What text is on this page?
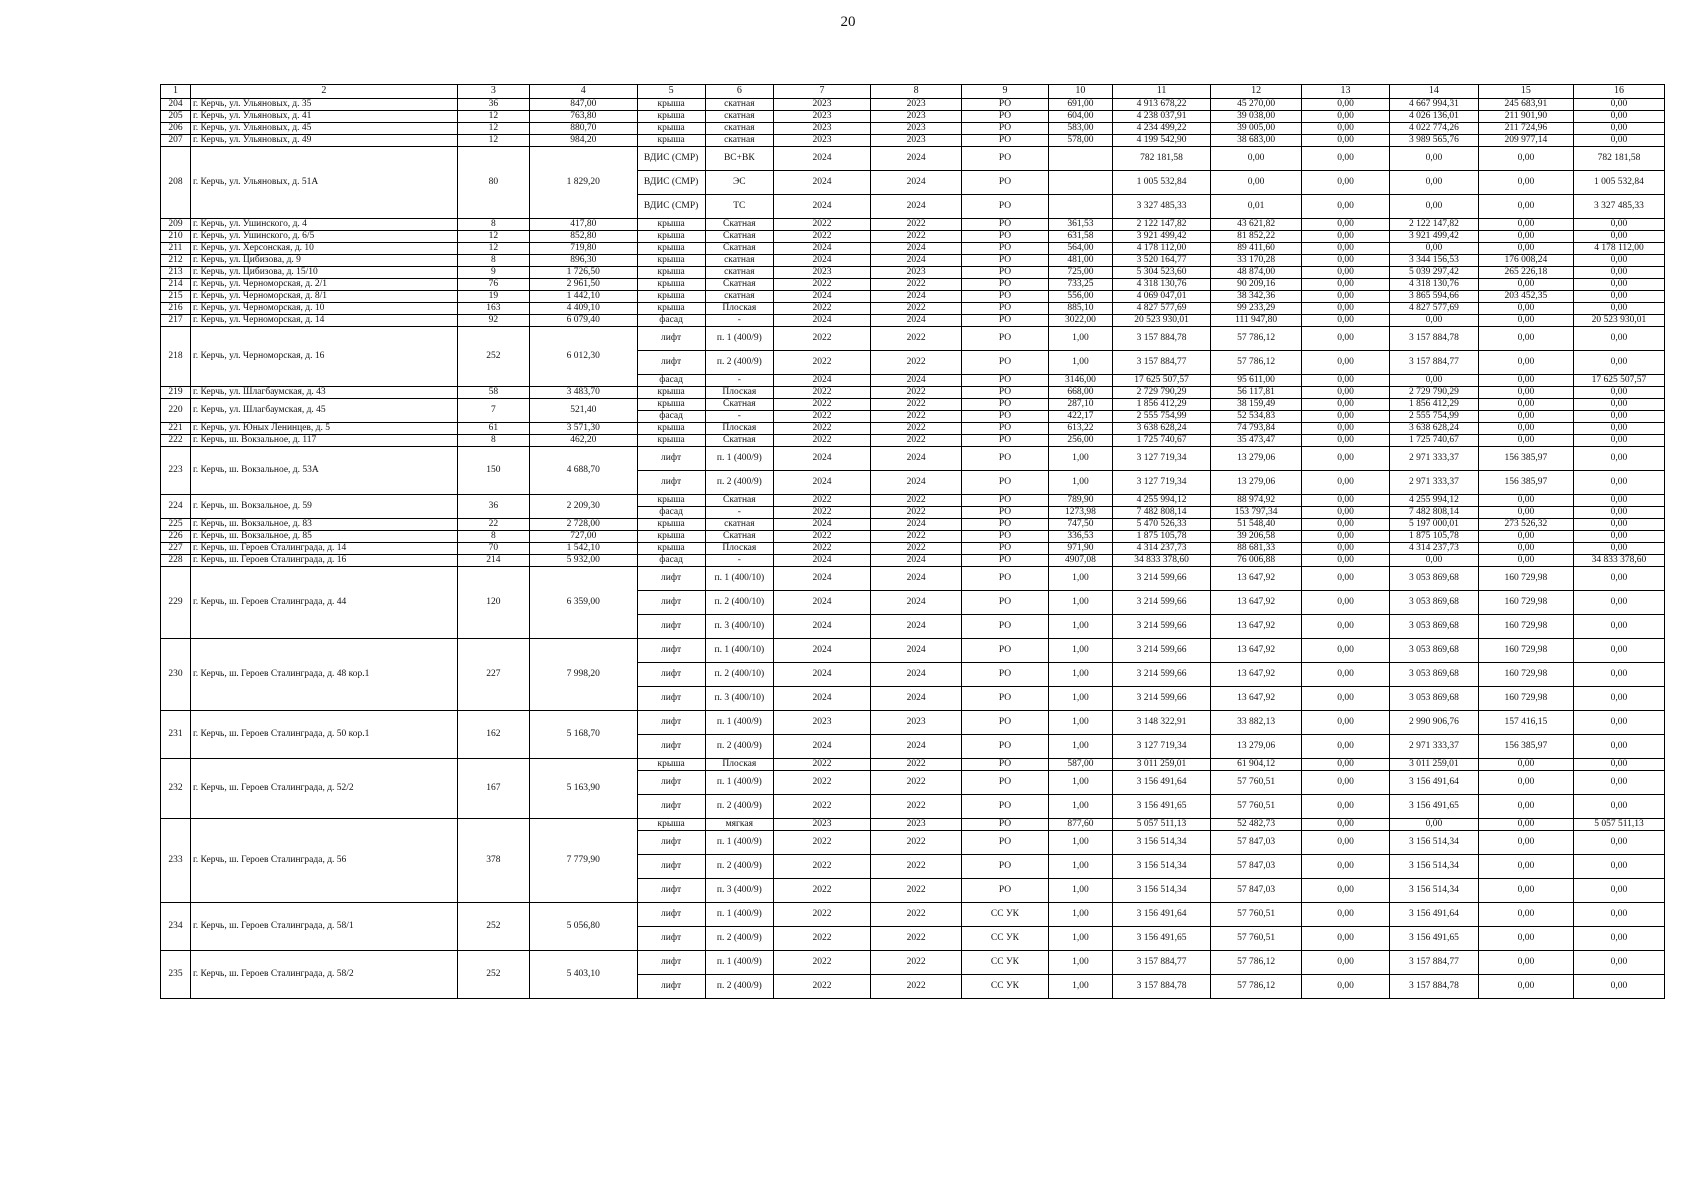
20
1	2	3	4	5	6	7	8	9	10	11	12	13	14	15	16
204	г. Керчь, ул. Ульяновых, д. 35	36	847,00	крыша	скатная	2023	2023	РО	691,00	4 913 678,22	45 270,00	0,00	4 667 994,31	245 683,91	0,00
205	г. Керчь, ул. Ульяновых, д. 41	12	763,80	крыша	скатная	2023	2023	РО	604,00	4 238 037,91	39 038,00	0,00	4 026 136,01	211 901,90	0,00
206	г. Керчь, ул. Ульяновых, д. 45	12	880,70	крыша	скатная	2023	2023	РО	583,00	4 234 499,22	39 005,00	0,00	4 022 774,26	211 724,96	0,00
207	г. Керчь, ул. Ульяновых, д. 49	12	984,20	крыша	скатная	2023	2023	РО	578,00	4 199 542,90	38 683,00	0,00	3 989 565,76	209 977,14	0,00
208	г. Керчь, ул. Ульяновых, д. 51А	80	1 829,20	ВДИС (СМР)	ВС+ВК	2024	2024	РО		782 181,58	0,00	0,00	0,00	0,00	782 181,58
				ВДИС (СМР)	ЭС	2024	2024	РО		1 005 532,84	0,00	0,00	0,00	0,00	1 005 532,84
				ВДИС (СМР)	ТС	2024	2024	РО		3 327 485,33	0,01	0,00	0,00	0,00	3 327 485,33
209	г. Керчь, ул. Ушинского, д. 4	8	417,80	крыша	Скатная	2022	2022	РО	361,53	2 122 147,82	43 621,82	0,00	2 122 147,82	0,00	0,00
210	г. Керчь, ул. Ушинского, д. 6/5	12	852,80	крыша	Скатная	2022	2022	РО	631,58	3 921 499,42	81 852,22	0,00	3 921 499,42	0,00	0,00
211	г. Керчь, ул. Херсонская, д. 10	12	719,80	крыша	Скатная	2024	2024	РО	564,00	4 178 112,00	89 411,60	0,00	0,00	0,00	4 178 112,00
212	г. Керчь, ул. Цибизова, д. 9	8	896,30	крыша	скатная	2024	2024	РО	481,00	3 520 164,77	33 170,28	0,00	3 344 156,53	176 008,24	0,00
213	г. Керчь, ул. Цибизова, д. 15/10	9	1 726,50	крыша	скатная	2023	2023	РО	725,00	5 304 523,60	48 874,00	0,00	5 039 297,42	265 226,18	0,00
214	г. Керчь, ул. Черноморская, д. 2/1	76	2 961,50	крыша	Скатная	2022	2022	РО	733,25	4 318 130,76	90 209,16	0,00	4 318 130,76	0,00	0,00
215	г. Керчь, ул. Черноморская, д. 8/1	19	1 442,10	крыша	скатная	2024	2024	РО	556,00	4 069 047,01	38 342,36	0,00	3 865 594,66	203 452,35	0,00
216	г. Керчь, ул. Черноморская, д. 10	163	4 409,10	крыша	Плоская	2022	2022	РО	885,10	4 827 577,69	99 233,29	0,00	4 827 577,69	0,00	0,00
217	г. Керчь, ул. Черноморская, д. 14	92	6 079,40	фасад	-	2024	2024	РО	3022,00	20 523 930,01	111 947,80	0,00	0,00	0,00	20 523 930,01
218	г. Керчь, ул. Черноморская, д. 16	252	6 012,30	лифт	п. 1 (400/9)	2022	2022	РО	1,00	3 157 884,78	57 786,12	0,00	3 157 884,78	0,00	0,00
				лифт	п. 2 (400/9)	2022	2022	РО	1,00	3 157 884,77	57 786,12	0,00	3 157 884,77	0,00	0,00
				фасад	-	2024	2024	РО	3146,00	17 625 507,57	95 611,00	0,00	0,00	0,00	17 625 507,57
219	г. Керчь, ул. Шлагбаумская, д. 43	58	3 483,70	крыша	Плоская	2022	2022	РО	668,00	2 729 790,29	56 117,81	0,00	2 729 790,29	0,00	0,00
220	г. Керчь, ул. Шлагбаумская, д. 45	7	521,40	крыша	Скатная	2022	2022	РО	287,10	1 856 412,29	38 159,49	0,00	1 856 412,29	0,00	0,00
				фасад	-	2022	2022	РО	422,17	2 555 754,99	52 534,83	0,00	2 555 754,99	0,00	0,00
221	г. Керчь, ул. Юных Ленинцев, д. 5	61	3 571,30	крыша	Плоская	2022	2022	РО	613,22	3 638 628,24	74 793,84	0,00	3 638 628,24	0,00	0,00
222	г. Керчь, ш. Вокзальное, д. 117	8	462,20	крыша	Скатная	2022	2022	РО	256,00	1 725 740,67	35 473,47	0,00	1 725 740,67	0,00	0,00
223	г. Керчь, ш. Вокзальное, д. 53А	150	4 688,70	лифт	п. 1 (400/9)	2024	2024	РО	1,00	3 127 719,34	13 279,06	0,00	2 971 333,37	156 385,97	0,00
				лифт	п. 2 (400/9)	2024	2024	РО	1,00	3 127 719,34	13 279,06	0,00	2 971 333,37	156 385,97	0,00
224	г. Керчь, ш. Вокзальное, д. 59	36	2 209,30	крыша	Скатная	2022	2022	РО	789,90	4 255 994,12	88 974,92	0,00	4 255 994,12	0,00	0,00
				фасад	-	2022	2022	РО	1273,98	7 482 808,14	153 797,34	0,00	7 482 808,14	0,00	0,00
225	г. Керчь, ш. Вокзальное, д. 83	22	2 728,00	крыша	скатная	2024	2024	РО	747,50	5 470 526,33	51 548,40	0,00	5 197 000,01	273 526,32	0,00
226	г. Керчь, ш. Вокзальное, д. 85	8	727,00	крыша	Скатная	2022	2022	РО	336,53	1 875 105,78	39 206,58	0,00	1 875 105,78	0,00	0,00
227	г. Керчь, ш. Героев Сталинграда, д. 14	70	1 542,10	крыша	Плоская	2022	2022	РО	971,90	4 314 237,73	88 681,33	0,00	4 314 237,73	0,00	0,00
228	г. Керчь, ш. Героев Сталинграда, д. 16	214	5 932,00	фасад	-	2024	2024	РО	4907,08	34 833 378,60	76 006,88	0,00	0,00	0,00	34 833 378,60
229	г. Керчь, ш. Героев Сталинграда, д. 44	120	6 359,00	лифт	п. 1 (400/10)	2024	2024	РО	1,00	3 214 599,66	13 647,92	0,00	3 053 869,68	160 729,98	0,00
				лифт	п. 2 (400/10)	2024	2024	РО	1,00	3 214 599,66	13 647,92	0,00	3 053 869,68	160 729,98	0,00
				лифт	п. 3 (400/10)	2024	2024	РО	1,00	3 214 599,66	13 647,92	0,00	3 053 869,68	160 729,98	0,00
230	г. Керчь, ш. Героев Сталинграда, д. 48 кор.1	227	7 998,20	лифт	п. 1 (400/10)	2024	2024	РО	1,00	3 214 599,66	13 647,92	0,00	3 053 869,68	160 729,98	0,00
				лифт	п. 2 (400/10)	2024	2024	РО	1,00	3 214 599,66	13 647,92	0,00	3 053 869,68	160 729,98	0,00
				лифт	п. 3 (400/10)	2024	2024	РО	1,00	3 214 599,66	13 647,92	0,00	3 053 869,68	160 729,98	0,00
231	г. Керчь, ш. Героев Сталинграда, д. 50 кор.1	162	5 168,70	лифт	п. 1 (400/9)	2023	2023	РО	1,00	3 148 322,91	33 882,13	0,00	2 990 906,76	157 416,15	0,00
				лифт	п. 2 (400/9)	2024	2024	РО	1,00	3 127 719,34	13 279,06	0,00	2 971 333,37	156 385,97	0,00
232	г. Керчь, ш. Героев Сталинграда, д. 52/2	167	5 163,90	крыша	Плоская	2022	2022	РО	587,00	3 011 259,01	61 904,12	0,00	3 011 259,01	0,00	0,00
				лифт	п. 1 (400/9)	2022	2022	РО	1,00	3 156 491,64	57 760,51	0,00	3 156 491,64	0,00	0,00
				лифт	п. 2 (400/9)	2022	2022	РО	1,00	3 156 491,65	57 760,51	0,00	3 156 491,65	0,00	0,00
233	г. Керчь, ш. Героев Сталинграда, д. 56	378	7 779,90	крыша	мягкая	2023	2023	РО	877,60	5 057 511,13	52 482,73	0,00	0,00	0,00	5 057 511,13
				лифт	п. 1 (400/9)	2022	2022	РО	1,00	3 156 514,34	57 847,03	0,00	3 156 514,34	0,00	0,00
				лифт	п. 2 (400/9)	2022	2022	РО	1,00	3 156 514,34	57 847,03	0,00	3 156 514,34	0,00	0,00
				лифт	п. 3 (400/9)	2022	2022	РО	1,00	3 156 514,34	57 847,03	0,00	3 156 514,34	0,00	0,00
234	г. Керчь, ш. Героев Сталинграда, д. 58/1	252	5 056,80	лифт	п. 1 (400/9)	2022	2022	СС УК	1,00	3 156 491,64	57 760,51	0,00	3 156 491,64	0,00	0,00
				лифт	п. 2 (400/9)	2022	2022	СС УК	1,00	3 156 491,65	57 760,51	0,00	3 156 491,65	0,00	0,00
235	г. Керчь, ш. Героев Сталинграда, д. 58/2	252	5 403,10	лифт	п. 1 (400/9)	2022	2022	СС УК	1,00	3 157 884,77	57 786,12	0,00	3 157 884,77	0,00	0,00
				лифт	п. 2 (400/9)	2022	2022	СС УК	1,00	3 157 884,78	57 786,12	0,00	3 157 884,78	0,00	0,00
